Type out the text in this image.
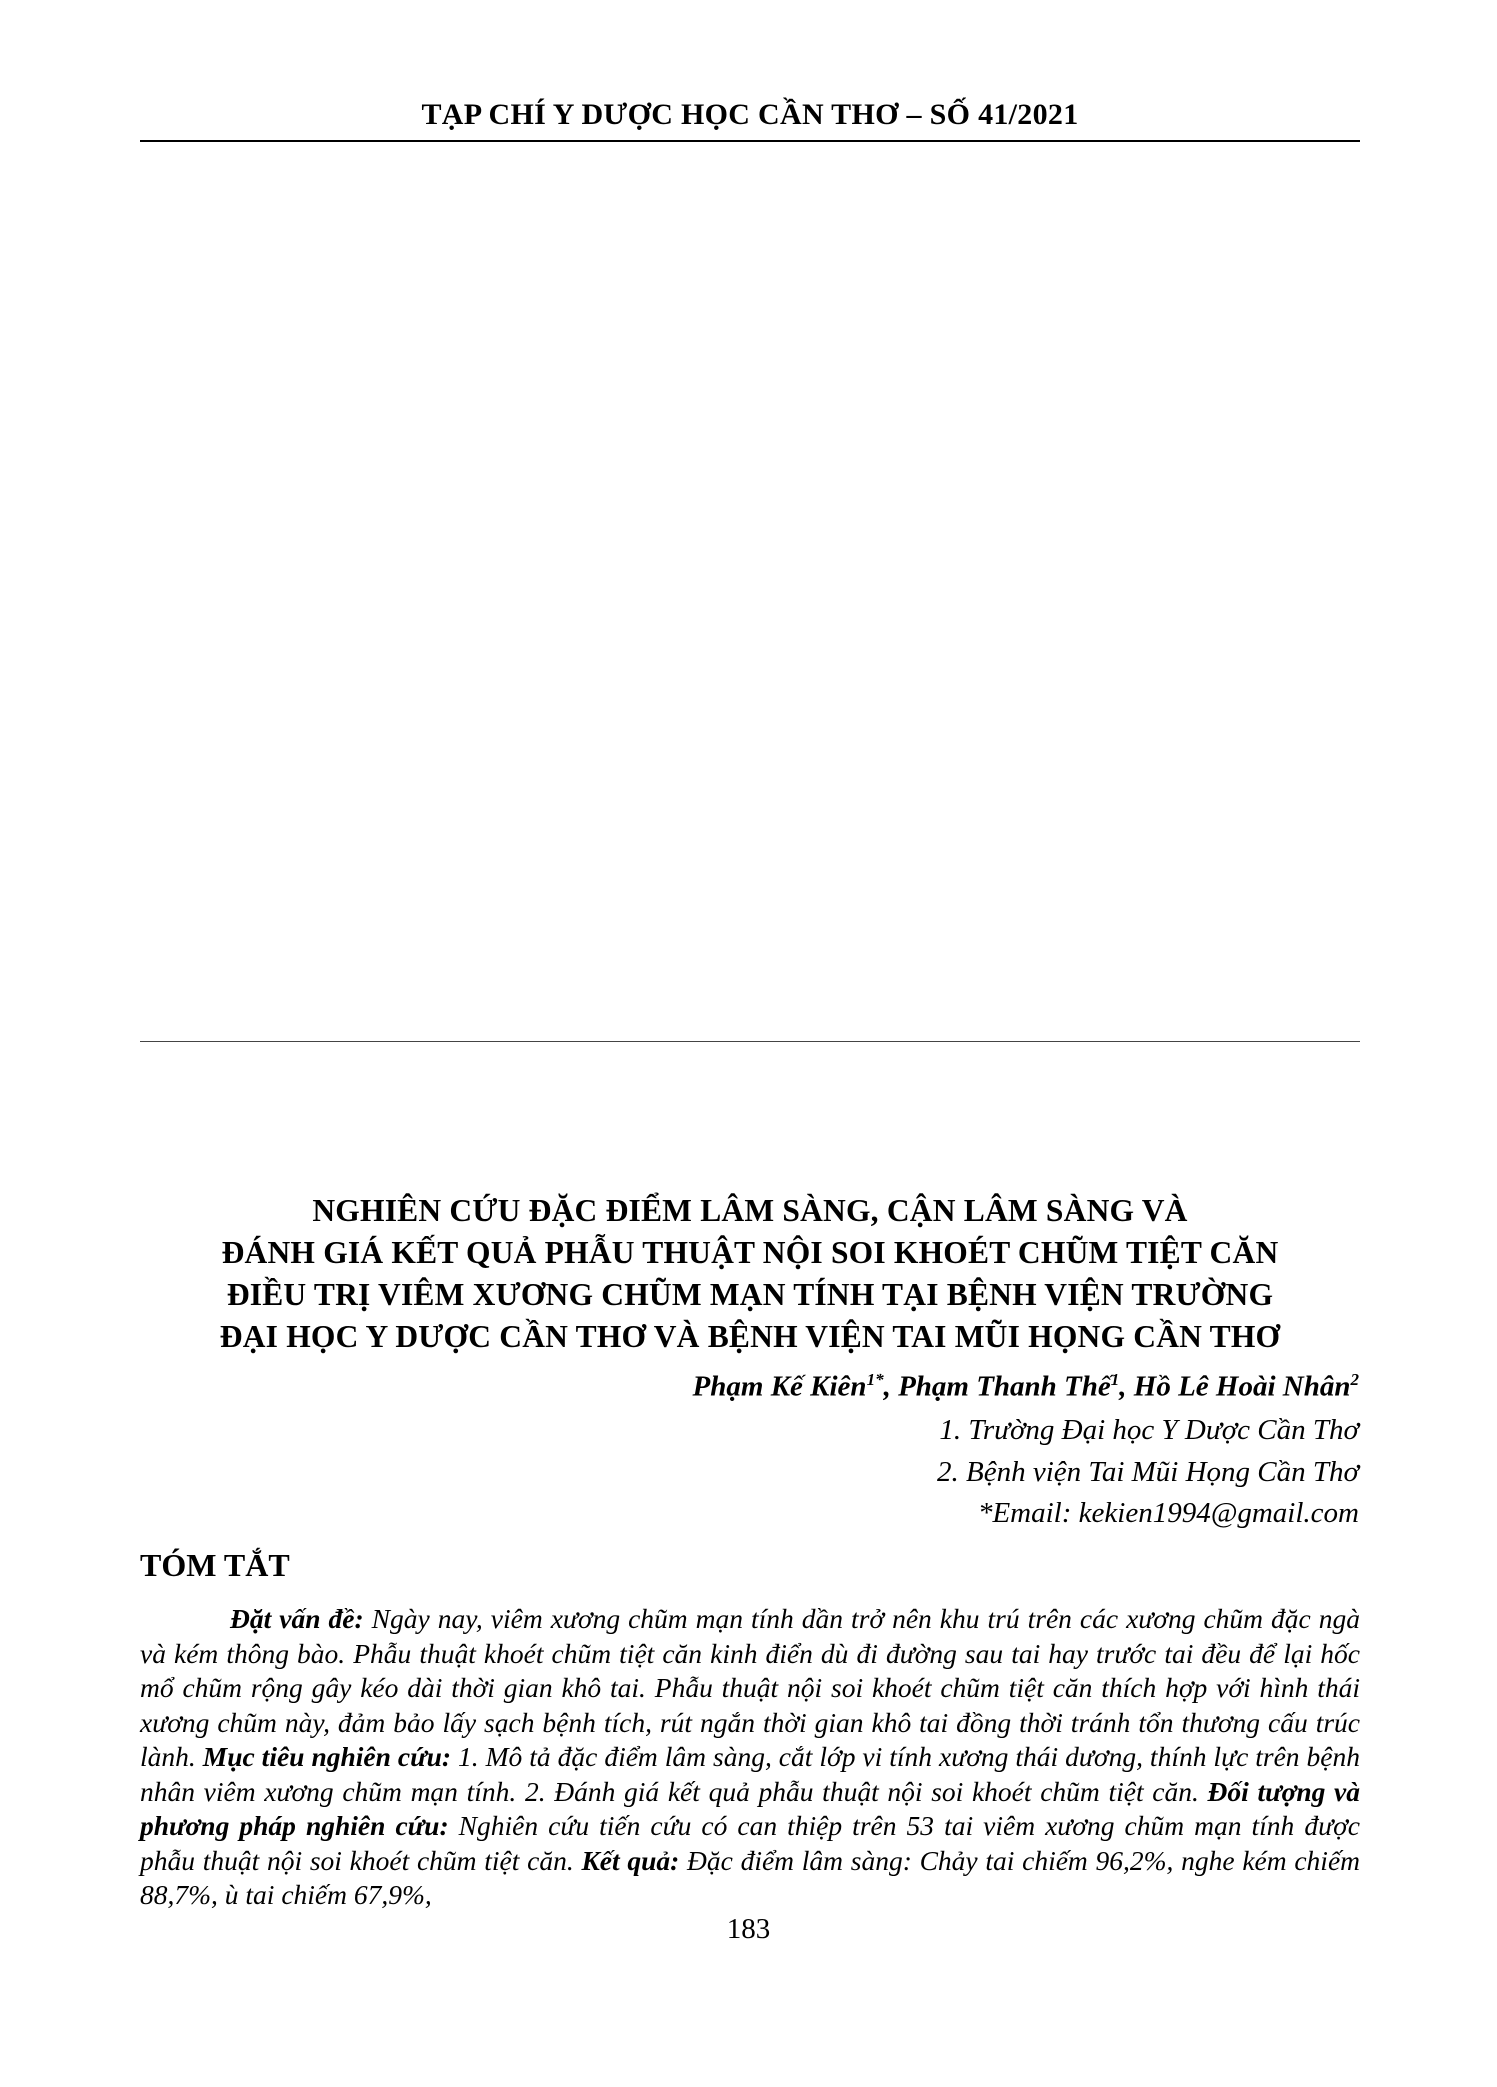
TẠP CHÍ Y DƯỢC HỌC CẦN THƠ – SỐ 41/2021
NGHIÊN CỨU ĐẶC ĐIỂM LÂM SÀNG, CẬN LÂM SÀNG VÀ
ĐÁNH GIÁ KẾT QUẢ PHẪU THUẬT NỘI SOI KHOÉT CHŨM TIỆT CĂN
ĐIỀU TRỊ VIÊM XƯƠNG CHŨM MẠN TÍNH TẠI BỆNH VIỆN TRƯỜNG
ĐẠI HỌC Y DƯỢC CẦN THƠ VÀ BỆNH VIỆN TAI MŨI HỌNG CẦN THƠ
Phạm Kế Kiên$^{1*}$, Phạm Thanh Thế$^1$, Hồ Lê Hoài Nhân$^2$
1. Trường Đại học Y Dược Cần Thơ
2. Bệnh viện Tai Mũi Họng Cần Thơ
*Email: kekien1994@gmail.com
TÓM TẮT

Đặt vấn đề: Ngày nay, viêm xương chũm mạn tính dần trở nên khu trú trên các xương chũm đặc ngà và kém thông bào. Phẫu thuật khoét chũm tiệt căn kinh điển dù đi đường sau tai hay trước tai đều để lại hốc mổ chũm rộng gây kéo dài thời gian khô tai. Phẫu thuật nội soi khoét chũm tiệt căn thích hợp với hình thái xương chũm này, đảm bảo lấy sạch bệnh tích, rút ngắn thời gian khô tai đồng thời tránh tổn thương cấu trúc lành. Mục tiêu nghiên cứu: 1. Mô tả đặc điểm lâm sàng, cắt lớp vi tính xương thái dương, thính lực trên bệnh nhân viêm xương chũm mạn tính. 2. Đánh giá kết quả phẫu thuật nội soi khoét chũm tiệt căn. Đối tượng và phương pháp nghiên cứu: Nghiên cứu tiến cứu có can thiệp trên 53 tai viêm xương chũm mạn tính được phẫu thuật nội soi khoét chũm tiệt căn. Kết quả: Đặc điểm lâm sàng: Chảy tai chiếm 96,2%, nghe kém chiếm 88,7%, ù tai chiếm 67,9%,

183
